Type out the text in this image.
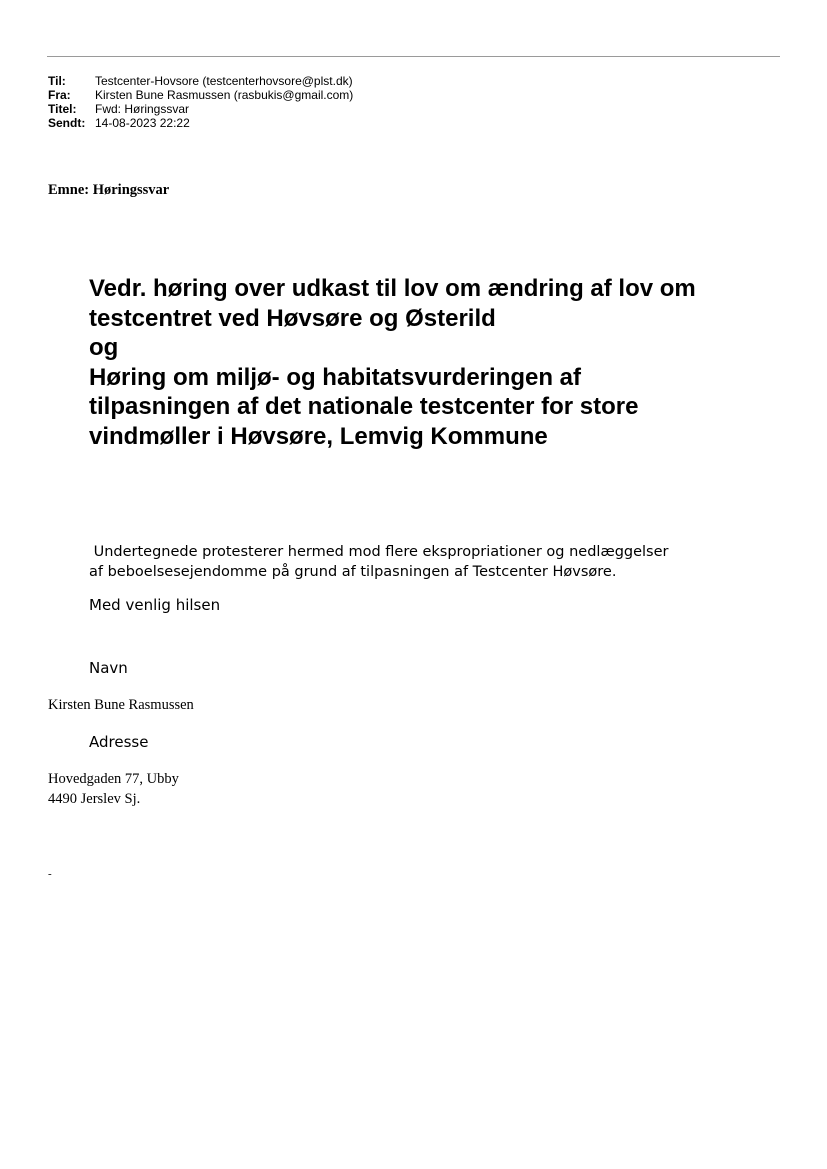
Til:	Testcenter-Hovsore (testcenterhovsore@plst.dk)
Fra:	Kirsten Bune Rasmussen (rasbukis@gmail.com)
Titel:	Fwd: Høringssvar
Sendt: 14-08-2023 22:22
Emne: Høringssvar
Vedr. høring over udkast til lov om ændring af lov om
testcentret ved Høvsøre og Østerild
og
Høring om miljø- og habitatsvurderingen af
tilpasningen af det nationale testcenter for store
vindmøller i Høvsøre, Lemvig Kommune

Undertegnede protesterer hermed mod flere ekspropriationer og nedlæggelser
af beboelsesejendomme på grund af tilpasningen af Testcenter Høvsøre.

Med venlig hilsen
Navn
Kirsten Bune Rasmussen
Adresse
Hovedgaden 77, Ubby
4490 Jerslev Sj.
-
